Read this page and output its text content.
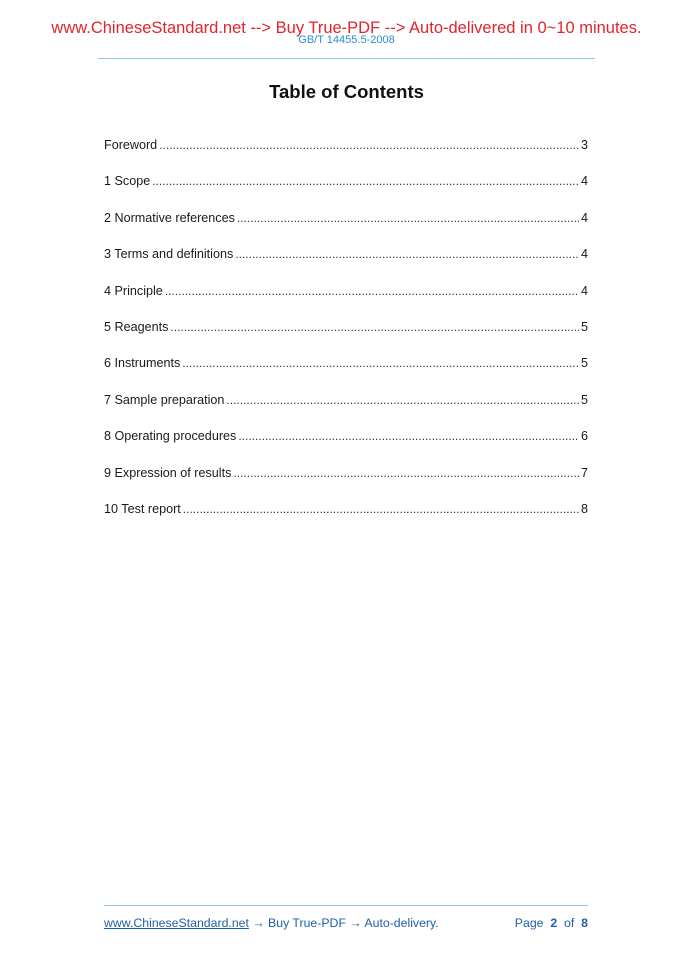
www.ChineseStandard.net --> Buy True-PDF --> Auto-delivered in 0~10 minutes.
GB/T 14455.5-2008
Table of Contents
Foreword .....	3
1 Scope .....	4
2 Normative references .....	4
3 Terms and definitions .....	4
4 Principle .....	4
5 Reagents .....	5
6 Instruments .....	5
7 Sample preparation .....	5
8 Operating procedures .....	6
9 Expression of results .....	7
10 Test report .....	8
www.ChineseStandard.net → Buy True-PDF → Auto-delivery.	Page 2 of 8
